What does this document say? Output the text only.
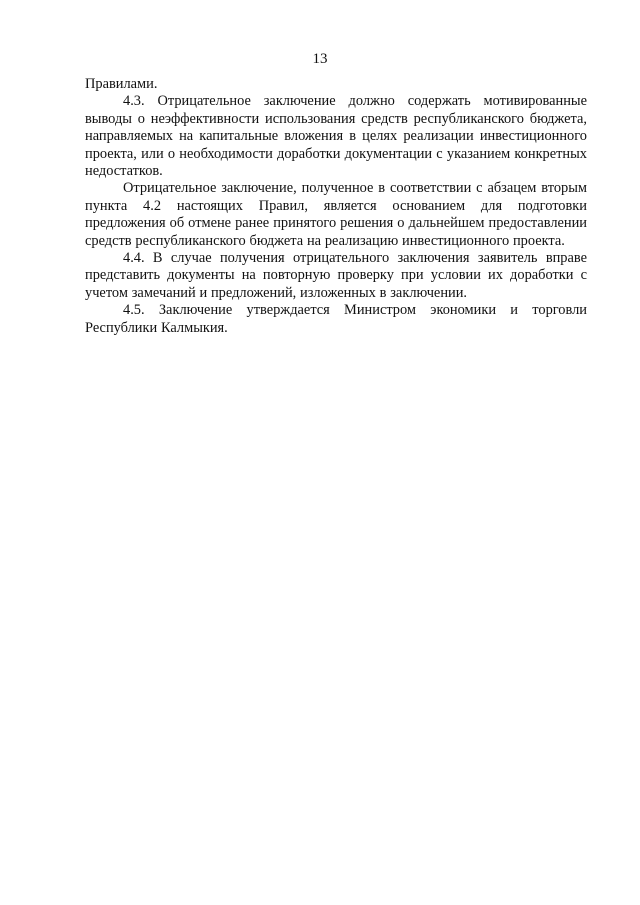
13

Правилами.

4.3. Отрицательное заключение должно содержать мотивированные выводы о неэффективности использования средств республиканского бюджета, направляемых на капитальные вложения в целях реализации инвестиционного проекта, или о необходимости доработки документации с указанием конкретных недостатков.

Отрицательное заключение, полученное в соответствии с абзацем вторым пункта 4.2 настоящих Правил, является основанием для подготовки предложения об отмене ранее принятого решения о дальнейшем предоставлении средств республиканского бюджета на реализацию инвестиционного проекта.

4.4. В случае получения отрицательного заключения заявитель вправе представить документы на повторную проверку при условии их доработки с учетом замечаний и предложений, изложенных в заключении.

4.5. Заключение утверждается Министром экономики и торговли Республики Калмыкия.
